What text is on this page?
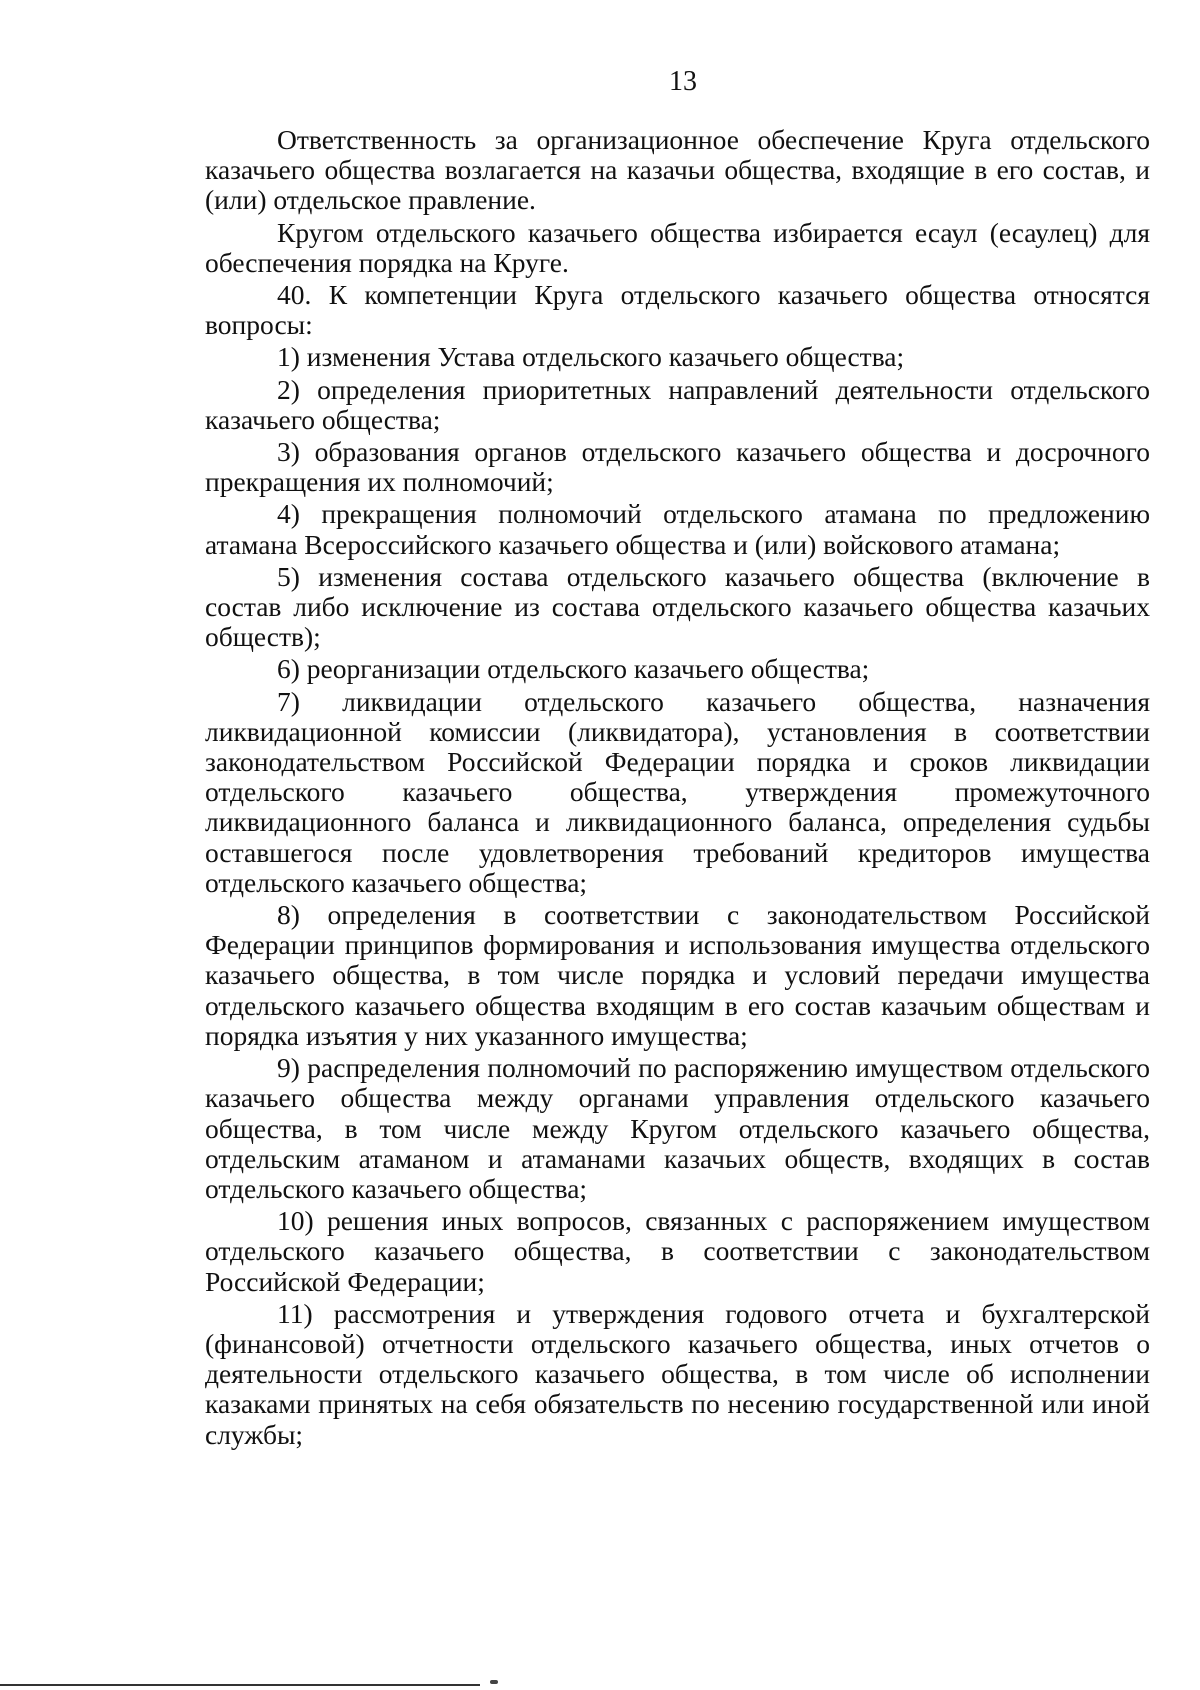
13

Ответственность за организационное обеспечение Круга отдельского казачьего общества возлагается на казачьи общества, входящие в его состав, и (или) отдельское правление.

Кругом отдельского казачьего общества избирается есаул (есаулец) для обеспечения порядка на Круге.

40. К компетенции Круга отдельского казачьего общества относятся вопросы:

1) изменения Устава отдельского казачьего общества;

2) определения приоритетных направлений деятельности отдельского казачьего общества;

3) образования органов отдельского казачьего общества и досрочного прекращения их полномочий;

4) прекращения полномочий отдельского атамана по предложению атамана Всероссийского казачьего общества и (или) войскового атамана;

5) изменения состава отдельского казачьего общества (включение в состав либо исключение из состава отдельского казачьего общества казачьих обществ);

6) реорганизации отдельского казачьего общества;

7) ликвидации отдельского казачьего общества, назначения ликвидационной комиссии (ликвидатора), установления в соответствии законодательством Российской Федерации порядка и сроков ликвидации отдельского казачьего общества, утверждения промежуточного ликвидационного баланса и ликвидационного баланса, определения судьбы оставшегося после удовлетворения требований кредиторов имущества отдельского казачьего общества;

8) определения в соответствии с законодательством Российской Федерации принципов формирования и использования имущества отдельского казачьего общества, в том числе порядка и условий передачи имущества отдельского казачьего общества входящим в его состав казачьим обществам и порядка изъятия у них указанного имущества;

9) распределения полномочий по распоряжению имуществом отдельского казачьего общества между органами управления отдельского казачьего общества, в том числе между Кругом отдельского казачьего общества, отдельским атаманом и атаманами казачьих обществ, входящих в состав отдельского казачьего общества;

10) решения иных вопросов, связанных с распоряжением имуществом отдельского казачьего общества, в соответствии с законодательством Российской Федерации;

11) рассмотрения и утверждения годового отчета и бухгалтерской (финансовой) отчетности отдельского казачьего общества, иных отчетов о деятельности отдельского казачьего общества, в том числе об исполнении казаками принятых на себя обязательств по несению государственной или иной службы;
